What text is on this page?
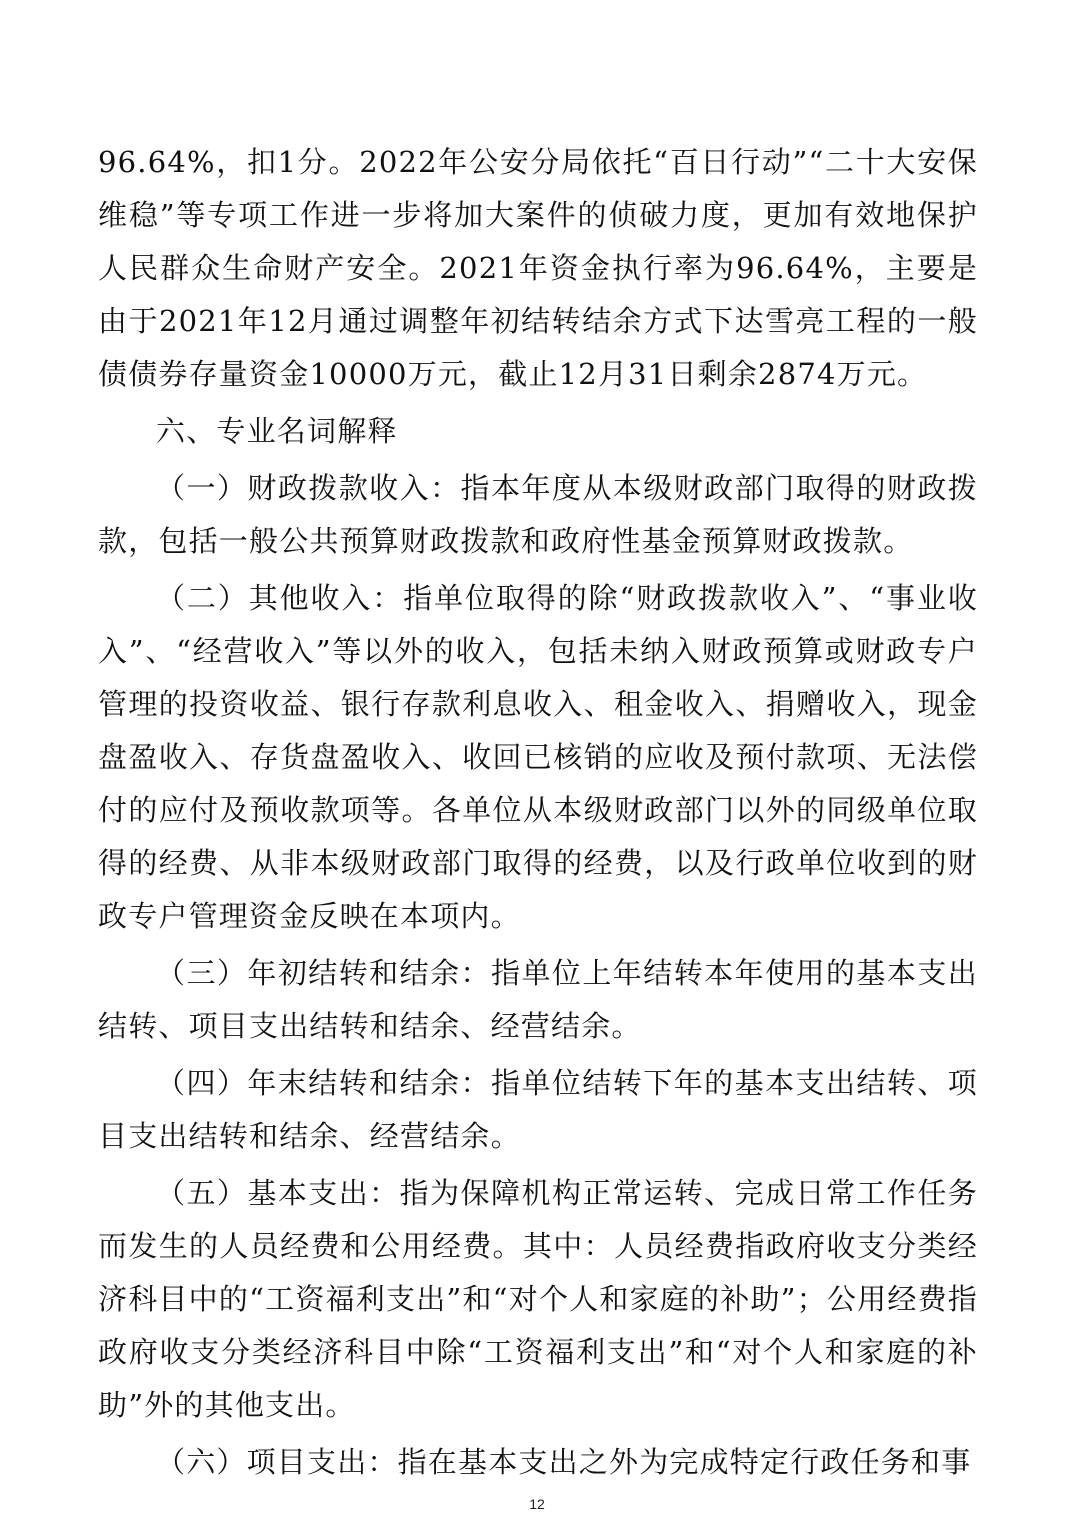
96.64%，扣1分。2022年公安分局依托“百日行动”“二十大安保维稳”等专项工作进一步将加大案件的侦破力度，更加有效地保护人民群众生命财产安全。2021年资金执行率为96.64%，主要是由于2021年12月通过调整年初结转结余方式下达雪亮工程的一般债债券存量资金10000万元，截止12月31日剩余2874万元。

六、专业名词解释

（一）财政拨款收入：指本年度从本级财政部门取得的财政拨款，包括一般公共预算财政拨款和政府性基金预算财政拨款。

（二）其他收入：指单位取得的除“财政拨款收入”、“事业收入”、“经营收入”等以外的收入，包括未纳入财政预算或财政专户管理的投资收益、银行存款利息收入、租金收入、捐赠收入，现金盘盈收入、存货盘盈收入、收回已核销的应收及预付款项、无法偿付的应付及预收款项等。各单位从本级财政部门以外的同级单位取得的经费、从非本级财政部门取得的经费，以及行政单位收到的财政专户管理资金反映在本项内。

（三）年初结转和结余：指单位上年结转本年使用的基本支出结转、项目支出结转和结余、经营结余。

（四）年末结转和结余：指单位结转下年的基本支出结转、项目支出结转和结余、经营结余。

（五）基本支出：指为保障机构正常运转、完成日常工作任务而发生的人员经费和公用经费。其中：人员经费指政府收支分类经济科目中的“工资福利支出”和“对个人和家庭的补助”；公用经费指政府收支分类经济科目中除“工资福利支出”和“对个人和家庭的补助”外的其他支出。

（六）项目支出：指在基本支出之外为完成特定行政任务和事

12
